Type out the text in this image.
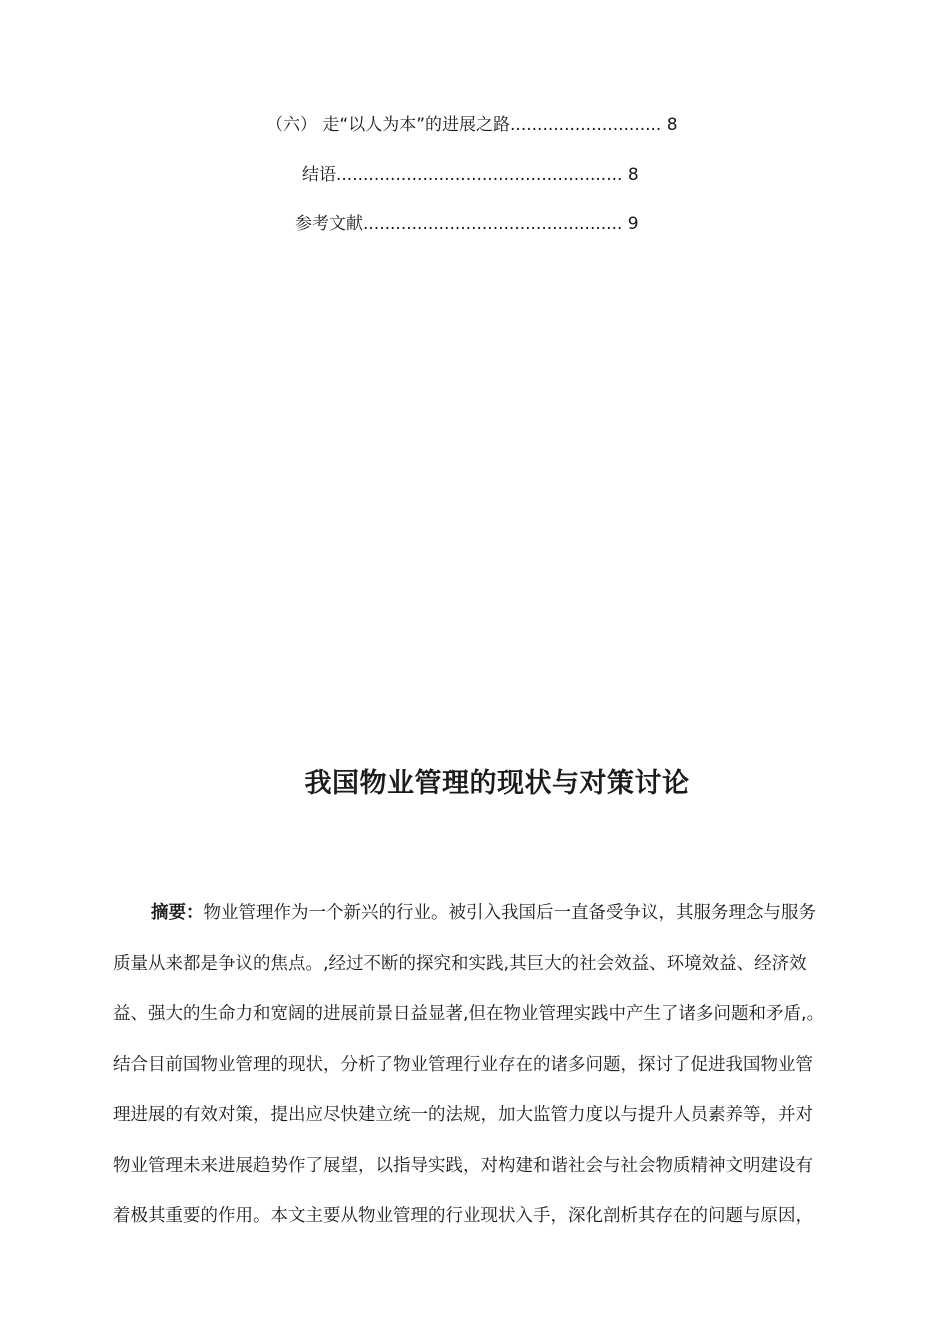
（六） 走“以人为本”的进展之路............................ 8
结语..................................................... 8
参考文献................................................ 9
我国物业管理的现状与对策讨论
摘要：物业管理作为一个新兴的行业。被引入我国后一直备受争议，其服务理念与服务
质量从来都是争议的焦点。,经过不断的探究和实践,其巨大的社会效益、环境效益、经济效
益、强大的生命力和宽阔的进展前景日益显著,但在物业管理实践中产生了诸多问题和矛盾,。
结合目前国物业管理的现状，分析了物业管理行业存在的诸多问题，探讨了促进我国物业管
理进展的有效对策，提出应尽快建立统一的法规，加大监管力度以与提升人员素养等，并对
物业管理未来进展趋势作了展望，以指导实践，对构建和谐社会与社会物质精神文明建设有
着极其重要的作用。本文主要从物业管理的行业现状入手，深化剖析其存在的问题与原因，
